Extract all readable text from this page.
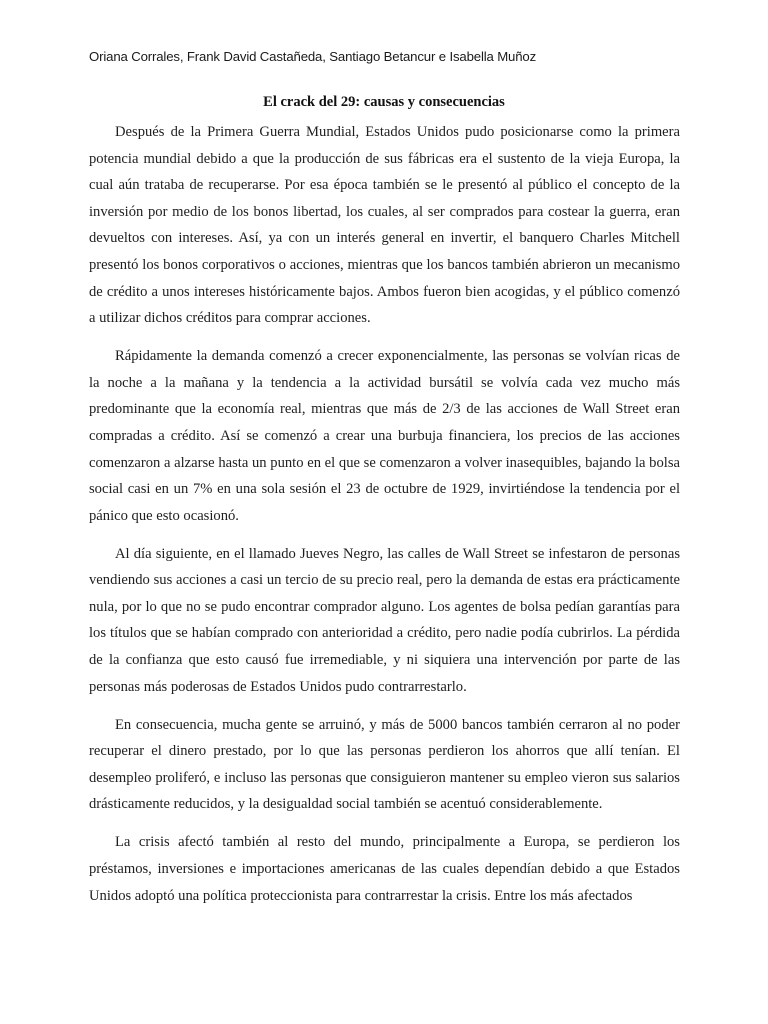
Oriana Corrales, Frank David Castañeda, Santiago Betancur e Isabella Muñoz
El crack del 29: causas y consecuencias

Después de la Primera Guerra Mundial, Estados Unidos pudo posicionarse como la primera potencia mundial debido a que la producción de sus fábricas era el sustento de la vieja Europa, la cual aún trataba de recuperarse. Por esa época también se le presentó al público el concepto de la inversión por medio de los bonos libertad, los cuales, al ser comprados para costear la guerra, eran devueltos con intereses. Así, ya con un interés general en invertir, el banquero Charles Mitchell presentó los bonos corporativos o acciones, mientras que los bancos también abrieron un mecanismo de crédito a unos intereses históricamente bajos. Ambos fueron bien acogidas, y el público comenzó a utilizar dichos créditos para comprar acciones.

Rápidamente la demanda comenzó a crecer exponencialmente, las personas se volvían ricas de la noche a la mañana y la tendencia a la actividad bursátil se volvía cada vez mucho más predominante que la economía real, mientras que más de 2/3 de las acciones de Wall Street eran compradas a crédito. Así se comenzó a crear una burbuja financiera, los precios de las acciones comenzaron a alzarse hasta un punto en el que se comenzaron a volver inasequibles, bajando la bolsa social casi en un 7% en una sola sesión el 23 de octubre de 1929, invirtiéndose la tendencia por el pánico que esto ocasionó.

Al día siguiente, en el llamado Jueves Negro, las calles de Wall Street se infestaron de personas vendiendo sus acciones a casi un tercio de su precio real, pero la demanda de estas era prácticamente nula, por lo que no se pudo encontrar comprador alguno. Los agentes de bolsa pedían garantías para los títulos que se habían comprado con anterioridad a crédito, pero nadie podía cubrirlos. La pérdida de la confianza que esto causó fue irremediable, y ni siquiera una intervención por parte de las personas más poderosas de Estados Unidos pudo contrarrestarlo.

En consecuencia, mucha gente se arruinó, y más de 5000 bancos también cerraron al no poder recuperar el dinero prestado, por lo que las personas perdieron los ahorros que allí tenían. El desempleo proliferó, e incluso las personas que consiguieron mantener su empleo vieron sus salarios drásticamente reducidos, y la desigualdad social también se acentuó considerablemente.

La crisis afectó también al resto del mundo, principalmente a Europa, se perdieron los préstamos, inversiones e importaciones americanas de las cuales dependían debido a que Estados Unidos adoptó una política proteccionista para contrarrestar la crisis. Entre los más afectados
